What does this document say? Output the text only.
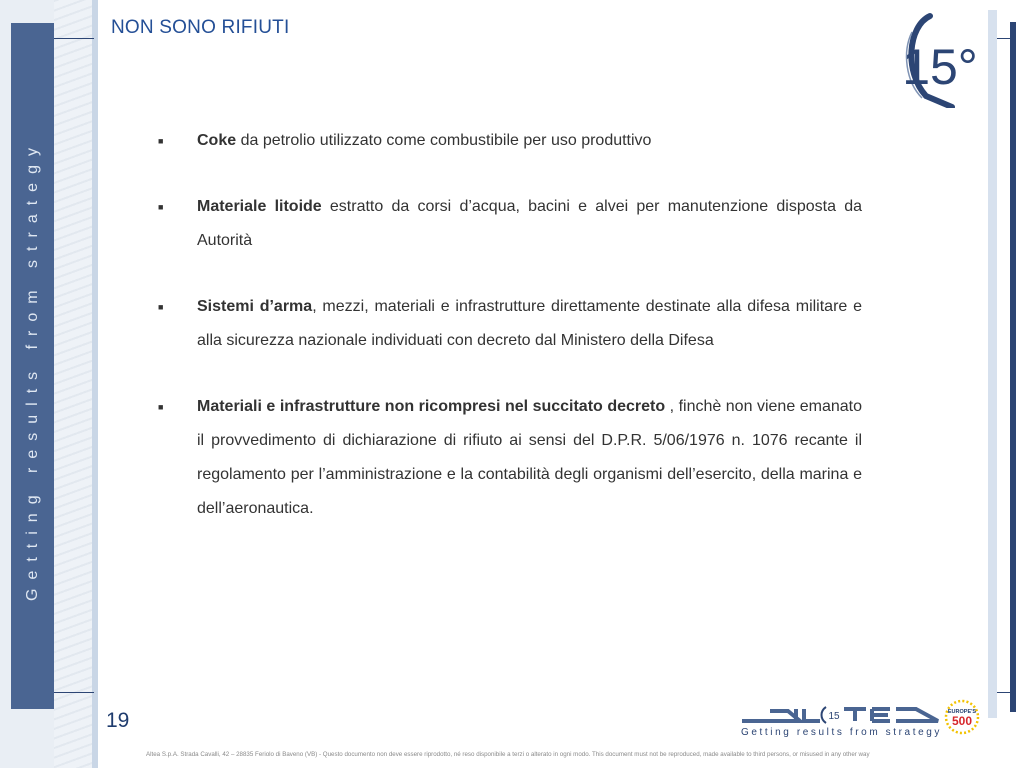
Getting results from strategy
NON SONO RIFIUTI
15°
■ Coke da petrolio utilizzato come combustibile per uso produttivo
■ Materiale litoide estratto da corsi d’acqua, bacini e alvei per manutenzione disposta da Autorità
■ Sistemi d’arma, mezzi, materiali e infrastrutture direttamente destinate alla difesa militare e alla sicurezza nazionale individuati con decreto dal Ministero della Difesa
■ Materiali e infrastrutture non ricompresi nel succitato decreto , finchè non viene emanato il provvedimento di dichiarazione di rifiuto ai sensi del D.P.R. 5/06/1976 n. 1076 recante il regolamento per l’amministrazione e la contabilità degli organismi dell’esercito, della marina e dell’aeronautica.
19	15
Getting results from strategy
EUROPE'S
500
Altea S.p.A. Strada Cavalli, 42 – 28835 Feriolo di Baveno (VB) - Questo documento non deve essere riprodotto, né reso disponibile a terzi o alterato in ogni modo. This document must not be reproduced, made available to third persons, or misused in any other way
